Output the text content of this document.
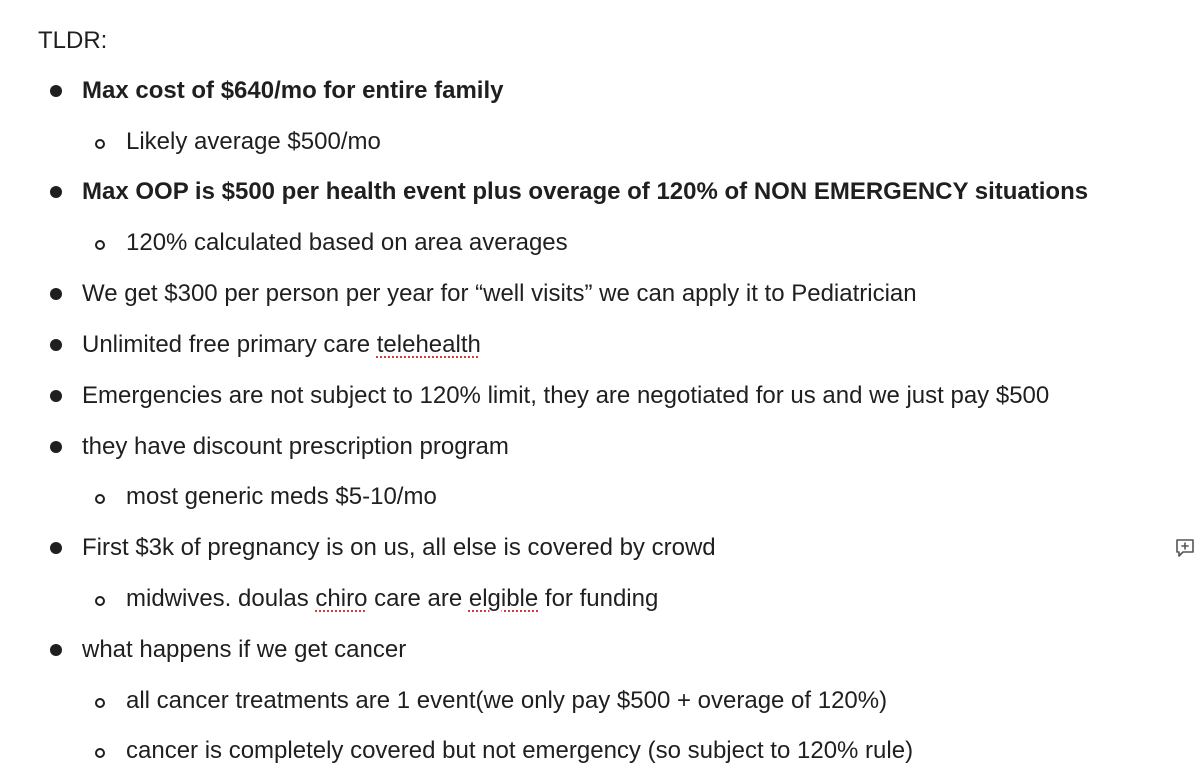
TLDR:
Max cost of $640/mo for entire family
Likely average $500/mo
Max OOP is $500 per health event plus overage of 120% of NON EMERGENCY situations
120% calculated based on area averages
We get $300 per person per year for “well visits” we can apply it to Pediatrician
Unlimited free primary care telehealth
Emergencies are not subject to 120% limit, they are negotiated for us and we just pay $500
they have discount prescription program
most generic meds $5-10/mo
First $3k of pregnancy is on us, all else is covered by crowd
midwives. doulas chiro care are elgible for funding
what happens if we get cancer
all cancer treatments are 1 event(we only pay $500 + overage of 120%)
cancer is completely covered but not emergency (so subject to 120% rule)
